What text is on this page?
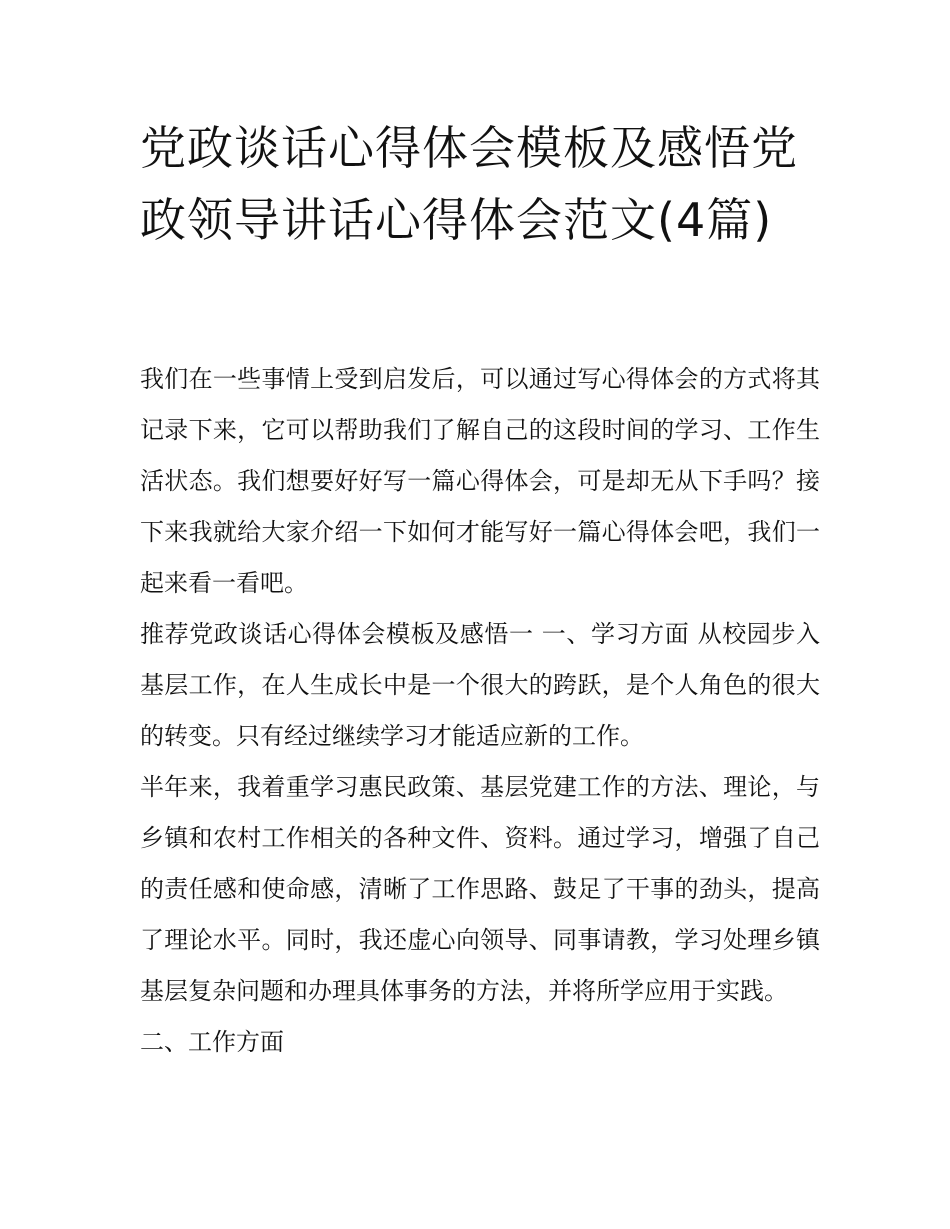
党政谈话心得体会模板及感悟党政领导讲话心得体会范文(4篇)

我们在一些事情上受到启发后，可以通过写心得体会的方式将其记录下来，它可以帮助我们了解自己的这段时间的学习、工作生活状态。我们想要好好写一篇心得体会，可是却无从下手吗？接下来我就给大家介绍一下如何才能写好一篇心得体会吧，我们一起来看一看吧。

推荐党政谈话心得体会模板及感悟一 一、学习方面 从校园步入基层工作，在人生成长中是一个很大的跨跃，是个人角色的很大的转变。只有经过继续学习才能适应新的工作。

半年来，我着重学习惠民政策、基层党建工作的方法、理论，与乡镇和农村工作相关的各种文件、资料。通过学习，增强了自己的责任感和使命感，清晰了工作思路、鼓足了干事的劲头，提高了理论水平。同时，我还虚心向领导、同事请教，学习处理乡镇基层复杂问题和办理具体事务的方法，并将所学应用于实践。

二、工作方面
